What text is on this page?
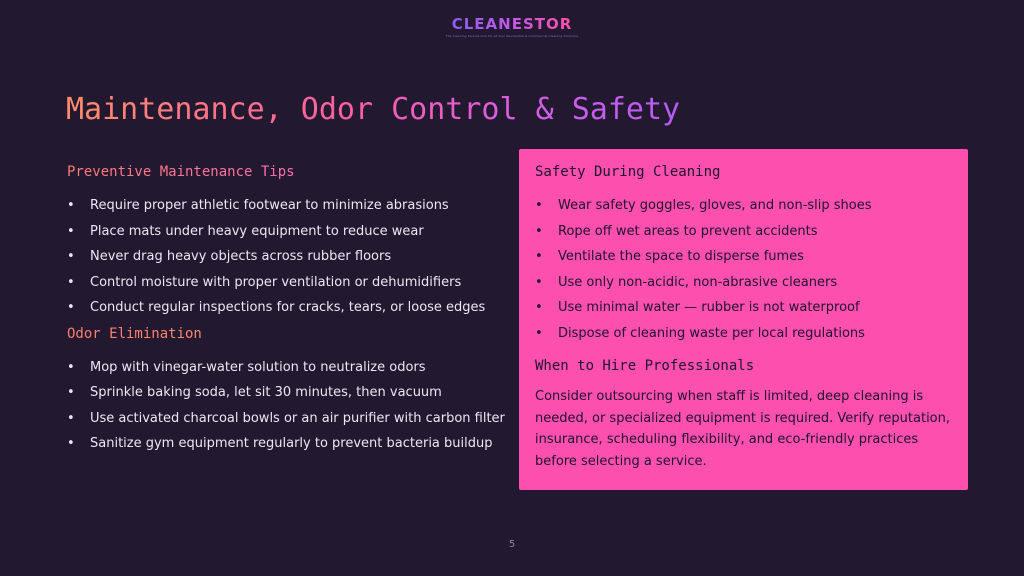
CLEANESTOR
The Cleaning Service Link for all Your Residential & Commercial Cleaning Solutions
Maintenance, Odor Control & Safety
Preventive Maintenance Tips
• Require proper athletic footwear to minimize abrasions
• Place mats under heavy equipment to reduce wear
• Never drag heavy objects across rubber floors
• Control moisture with proper ventilation or dehumidifiers
• Conduct regular inspections for cracks, tears, or loose edges
Odor Elimination
• Mop with vinegar-water solution to neutralize odors
• Sprinkle baking soda, let sit 30 minutes, then vacuum
• Use activated charcoal bowls or an air purifier with carbon filter
• Sanitize gym equipment regularly to prevent bacteria buildup
Safety During Cleaning
• Wear safety goggles, gloves, and non-slip shoes
• Rope off wet areas to prevent accidents
• Ventilate the space to disperse fumes
• Use only non-acidic, non-abrasive cleaners
• Use minimal water — rubber is not waterproof
• Dispose of cleaning waste per local regulations
When to Hire Professionals

Consider outsourcing when staff is limited, deep cleaning is needed, or specialized equipment is required. Verify reputation, insurance, scheduling flexibility, and eco-friendly practices before selecting a service.

5
